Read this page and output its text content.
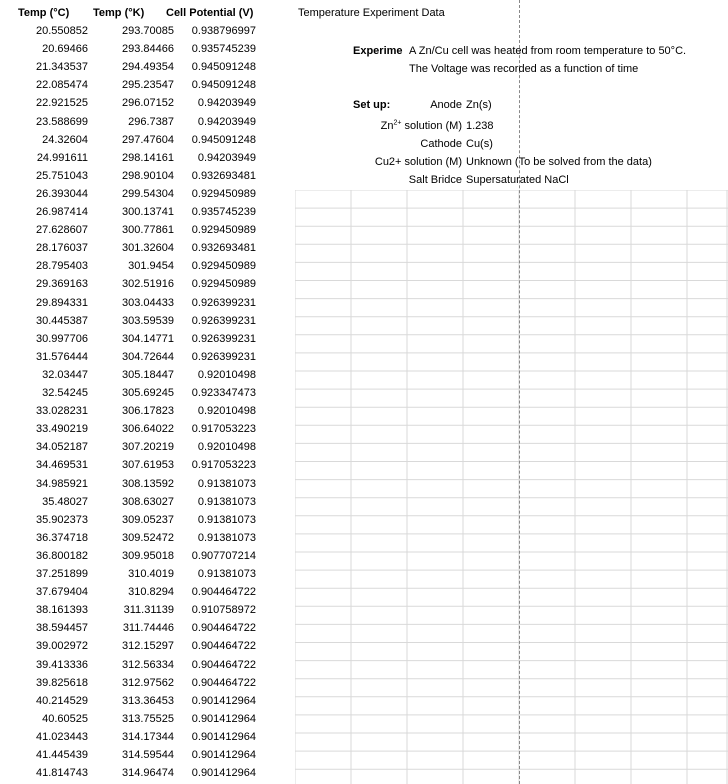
Temp (°C) Temp (°K) Cell Potential (V)
20.550852	293.70085	0.938796997
20.69466	293.84466	0.935745239
21.343537	294.49354	0.945091248
22.085474	295.23547	0.945091248
22.921525	296.07152	0.94203949
23.588699	296.7387	0.94203949
24.32604	297.47604	0.945091248
24.991611	298.14161	0.94203949
25.751043	298.90104	0.932693481
26.393044	299.54304	0.929450989
26.987414	300.13741	0.935745239
27.628607	300.77861	0.929450989
28.176037	301.32604	0.932693481
28.795403	301.9454	0.929450989
29.369163	302.51916	0.929450989
29.894331	303.04433	0.926399231
30.445387	303.59539	0.926399231
30.997706	304.14771	0.926399231
31.576444	304.72644	0.926399231
32.03447	305.18447	0.92010498
32.54245	305.69245	0.923347473
33.028231	306.17823	0.92010498
33.490219	306.64022	0.917053223
34.052187	307.20219	0.92010498
34.469531	307.61953	0.917053223
34.985921	308.13592	0.91381073
35.48027	308.63027	0.91381073
35.902373	309.05237	0.91381073
36.374718	309.52472	0.91381073
36.800182	309.95018	0.907707214
37.251899	310.4019	0.91381073
37.679404	310.8294	0.904464722
38.161393	311.31139	0.910758972
38.594457	311.74446	0.904464722
39.002972	312.15297	0.904464722
39.413336	312.56334	0.904464722
39.825618	312.97562	0.904464722
40.214529	313.36453	0.901412964
40.60525	313.75525	0.901412964
41.023443	314.17344	0.901412964
41.445439	314.59544	0.901412964
41.814743	314.96474	0.901412964
Temperature Experiment Data
Experime A Zn/Cu cell was heated from room temperature to 50°C.
The Voltage was recorded as a function of time
Set up:	Anode Zn(s)
$Zn^{2+}$ solution (M) 1.238
Cathode Cu(s)
Cu2+ solution (M) Unknown (To be solved from the data)
Salt Bridce Supersaturated NaCl
